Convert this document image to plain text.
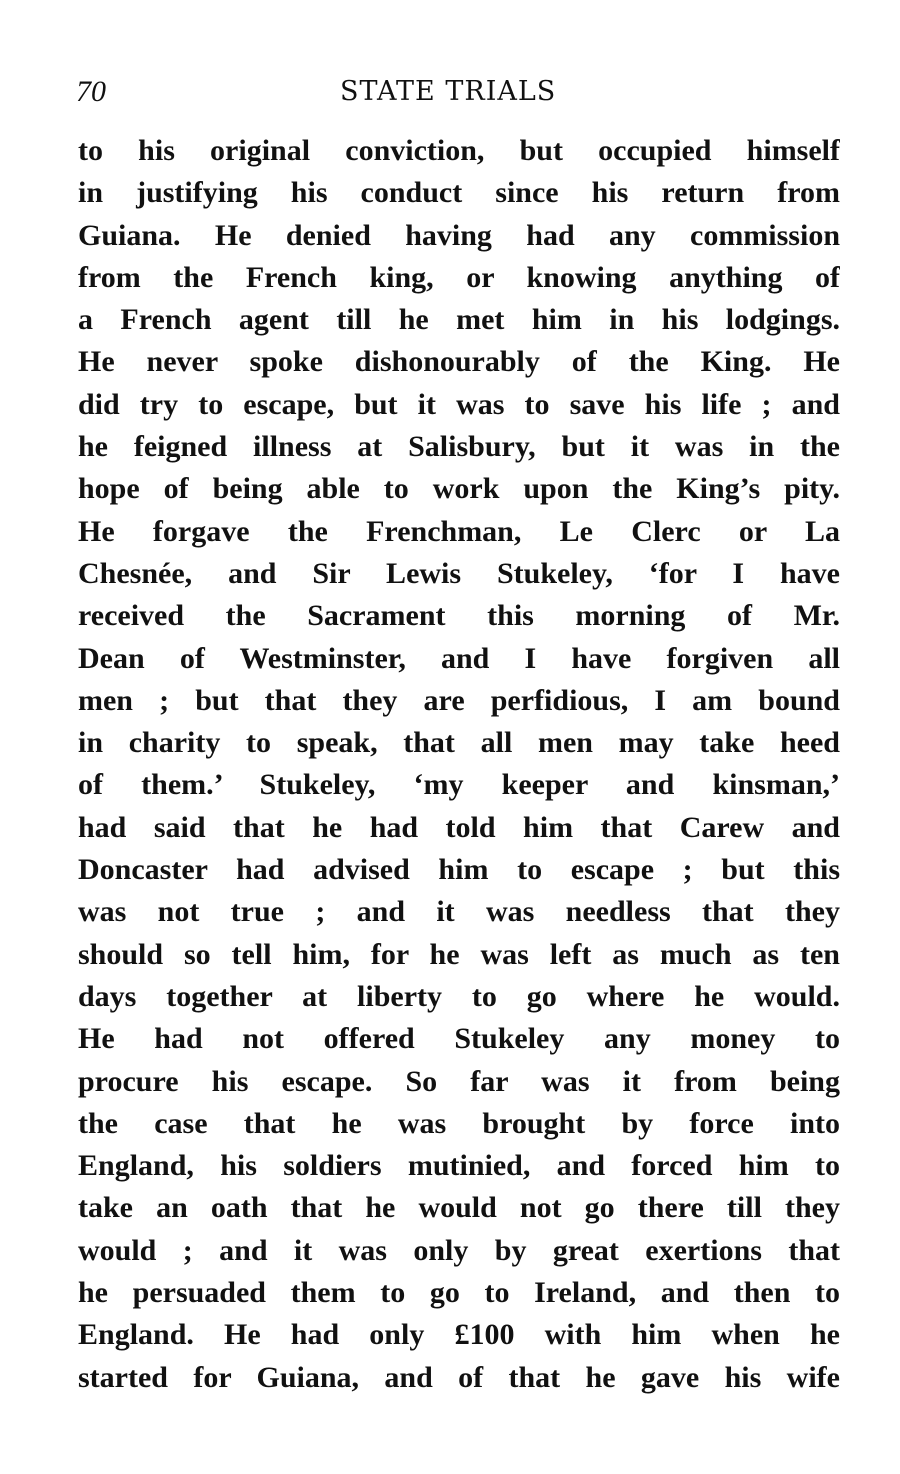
70	STATE TRIALS
to his original conviction, but occupied himself
in justifying his conduct since his return from
Guiana. He denied having had any commission
from the French king, or knowing anything of
a French agent till he met him in his lodgings.
He never spoke dishonourably of the King. He
did try to escape, but it was to save his life ; and
he feigned illness at Salisbury, but it was in the
hope of being able to work upon the King’s pity.
He forgave the Frenchman, Le Clerc or La
Chesnée, and Sir Lewis Stukeley, ‘for I have
received the Sacrament this morning of Mr.
Dean of Westminster, and I have forgiven all
men ; but that they are perfidious, I am bound
in charity to speak, that all men may take heed
of them.’ Stukeley, ‘my keeper and kinsman,’
had said that he had told him that Carew and
Doncaster had advised him to escape ; but this
was not true ; and it was needless that they
should so tell him, for he was left as much as ten
days together at liberty to go where he would.
He had not offered Stukeley any money to
procure his escape. So far was it from being
the case that he was brought by force into
England, his soldiers mutinied, and forced him to
take an oath that he would not go there till they
would ; and it was only by great exertions that
he persuaded them to go to Ireland, and then to
England. He had only £100 with him when he
started for Guiana, and of that he gave his wife
